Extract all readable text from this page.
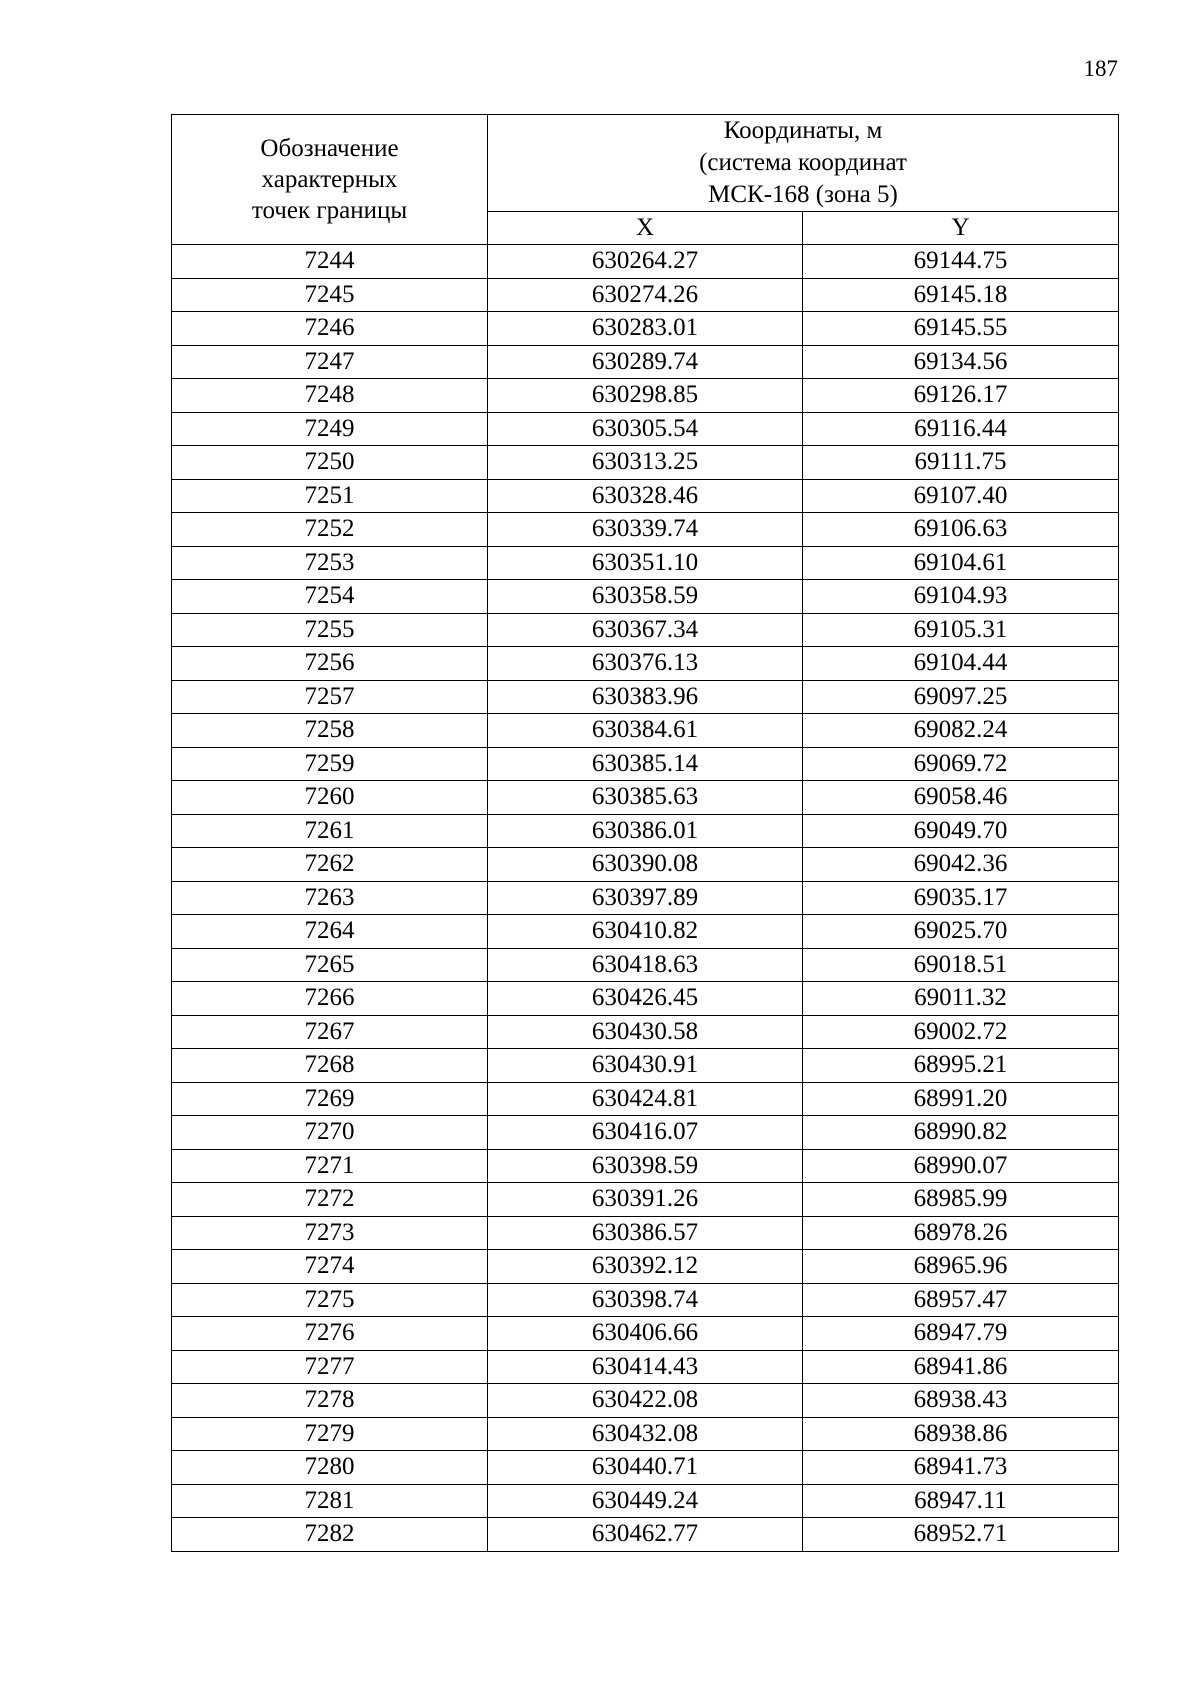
187
Обозначение
характерных
точек границы	Координаты, м
(система координат
МСК-168 (зона 5)	
	X	Y
7244	630264.27	69144.75
7245	630274.26	69145.18
7246	630283.01	69145.55
7247	630289.74	69134.56
7248	630298.85	69126.17
7249	630305.54	69116.44
7250	630313.25	69111.75
7251	630328.46	69107.40
7252	630339.74	69106.63
7253	630351.10	69104.61
7254	630358.59	69104.93
7255	630367.34	69105.31
7256	630376.13	69104.44
7257	630383.96	69097.25
7258	630384.61	69082.24
7259	630385.14	69069.72
7260	630385.63	69058.46
7261	630386.01	69049.70
7262	630390.08	69042.36
7263	630397.89	69035.17
7264	630410.82	69025.70
7265	630418.63	69018.51
7266	630426.45	69011.32
7267	630430.58	69002.72
7268	630430.91	68995.21
7269	630424.81	68991.20
7270	630416.07	68990.82
7271	630398.59	68990.07
7272	630391.26	68985.99
7273	630386.57	68978.26
7274	630392.12	68965.96
7275	630398.74	68957.47
7276	630406.66	68947.79
7277	630414.43	68941.86
7278	630422.08	68938.43
7279	630432.08	68938.86
7280	630440.71	68941.73
7281	630449.24	68947.11
7282	630462.77	68952.71
